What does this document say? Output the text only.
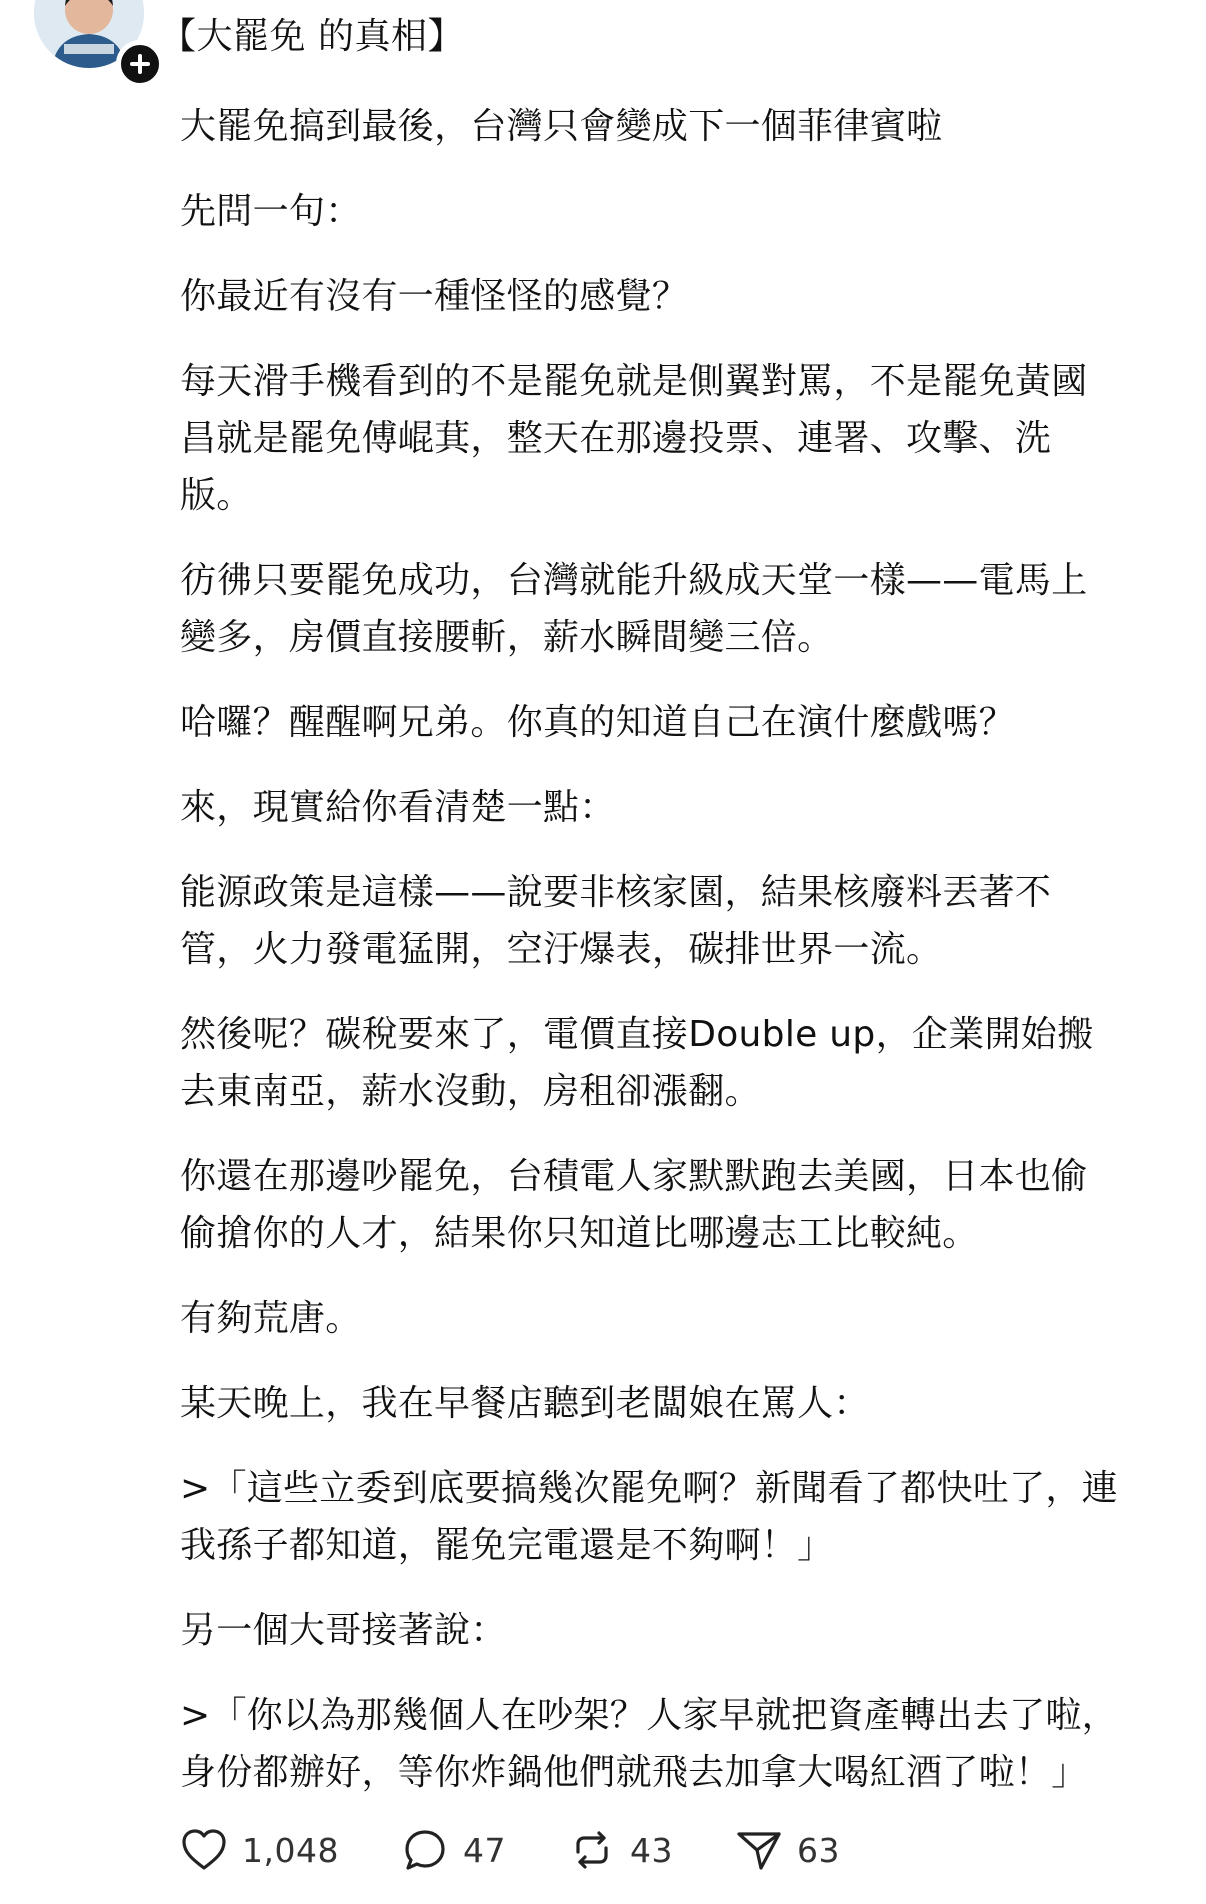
【大罷免 的真相】

大罷免搞到最後，台灣只會變成下一個菲律賓啦

先問一句：

你最近有沒有一種怪怪的感覺？

每天滑手機看到的不是罷免就是側翼對罵，不是罷免黃國
昌就是罷免傅崐萁，整天在那邊投票、連署、攻擊、洗
版。

彷彿只要罷免成功，台灣就能升級成天堂一樣——電馬上
變多，房價直接腰斬，薪水瞬間變三倍。

哈囉？醒醒啊兄弟。你真的知道自己在演什麼戲嗎？

來，現實給你看清楚一點：

能源政策是這樣——說要非核家園，結果核廢料丟著不
管，火力發電猛開，空汙爆表，碳排世界一流。

然後呢？碳稅要來了，電價直接Double up，企業開始搬
去東南亞，薪水沒動，房租卻漲翻。

你還在那邊吵罷免，台積電人家默默跑去美國，日本也偷
偷搶你的人才，結果你只知道比哪邊志工比較純。

有夠荒唐。

某天晚上，我在早餐店聽到老闆娘在罵人：

>「這些立委到底要搞幾次罷免啊？新聞看了都快吐了，連
我孫子都知道，罷免完電還是不夠啊！」

另一個大哥接著說：

>「你以為那幾個人在吵架？人家早就把資產轉出去了啦，
身份都辦好，等你炸鍋他們就飛去加拿大喝紅酒了啦！」

1,048	47	43	63
